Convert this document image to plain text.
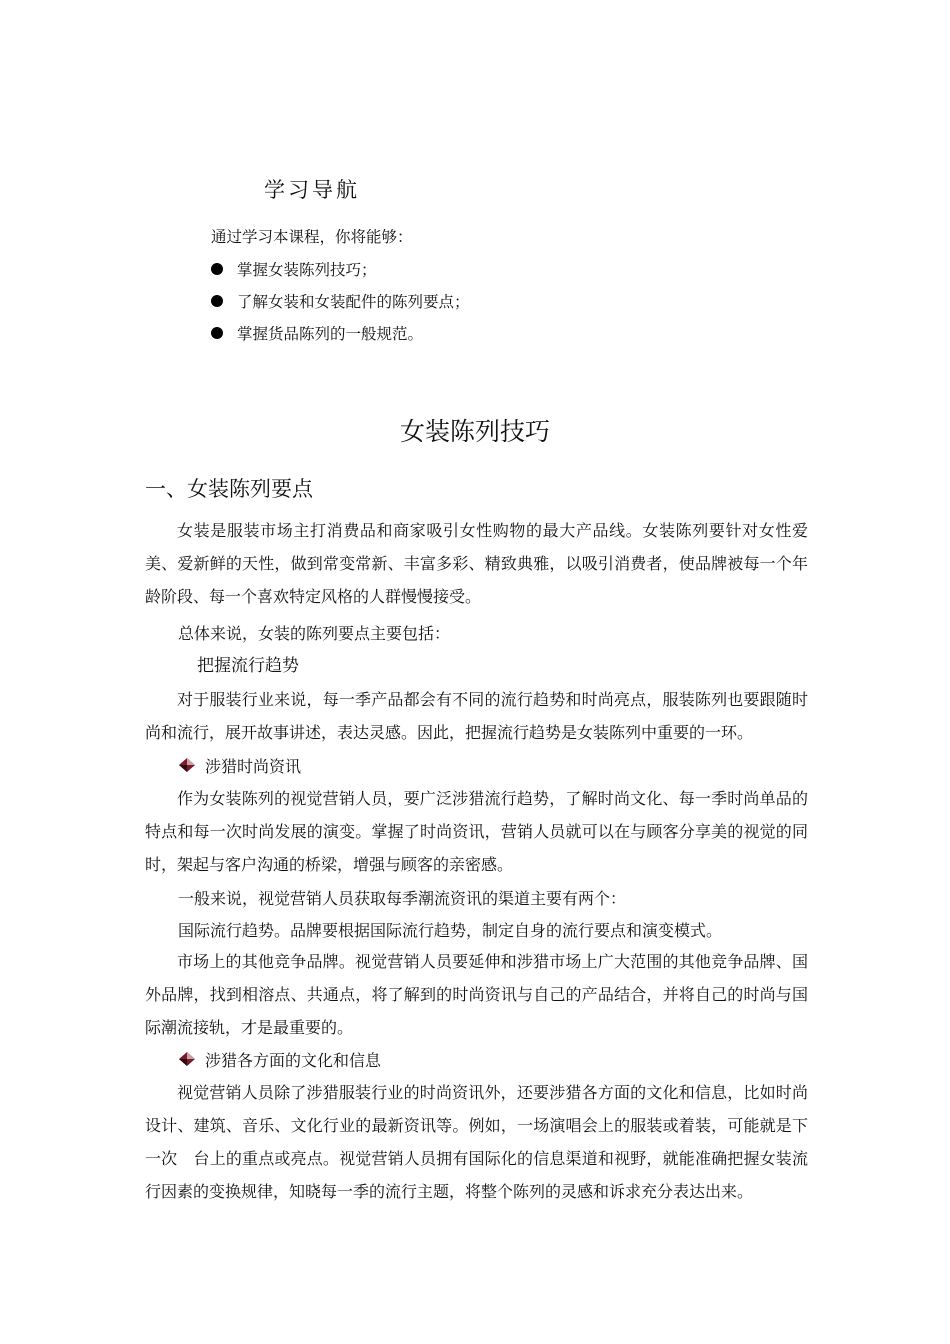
学习导航
通过学习本课程，你将能够：
掌握女装陈列技巧；
了解女装和女装配件的陈列要点；
掌握货品陈列的一般规范。
女装陈列技巧
一、女装陈列要点
女装是服装市场主打消费品和商家吸引女性购物的最大产品线。女装陈列要针对女性爱美、爱新鲜的天性，做到常变常新、丰富多彩、精致典雅，以吸引消费者，使品牌被每一个年龄阶段、每一个喜欢特定风格的人群慢慢接受。
总体来说，女装的陈列要点主要包括：
把握流行趋势
对于服装行业来说，每一季产品都会有不同的流行趋势和时尚亮点，服装陈列也要跟随时尚和流行，展开故事讲述，表达灵感。因此，把握流行趋势是女装陈列中重要的一环。
涉猎时尚资讯
作为女装陈列的视觉营销人员，要广泛涉猎流行趋势，了解时尚文化、每一季时尚单品的特点和每一次时尚发展的演变。掌握了时尚资讯，营销人员就可以在与顾客分享美的视觉的同时，架起与客户沟通的桥梁，增强与顾客的亲密感。
一般来说，视觉营销人员获取每季潮流资讯的渠道主要有两个：
国际流行趋势。品牌要根据国际流行趋势，制定自身的流行要点和演变模式。
市场上的其他竞争品牌。视觉营销人员要延伸和涉猎市场上广大范围的其他竞争品牌、国外品牌，找到相溶点、共通点，将了解到的时尚资讯与自己的产品结合，并将自己的时尚与国际潮流接轨，才是最重要的。
涉猎各方面的文化和信息
视觉营销人员除了涉猎服装行业的时尚资讯外，还要涉猎各方面的文化和信息，比如时尚设计、建筑、音乐、文化行业的最新资讯等。例如，一场演唱会上的服装或着装，可能就是下一次　台上的重点或亮点。视觉营销人员拥有国际化的信息渠道和视野，就能准确把握女装流行因素的变换规律，知晓每一季的流行主题，将整个陈列的灵感和诉求充分表达出来。
